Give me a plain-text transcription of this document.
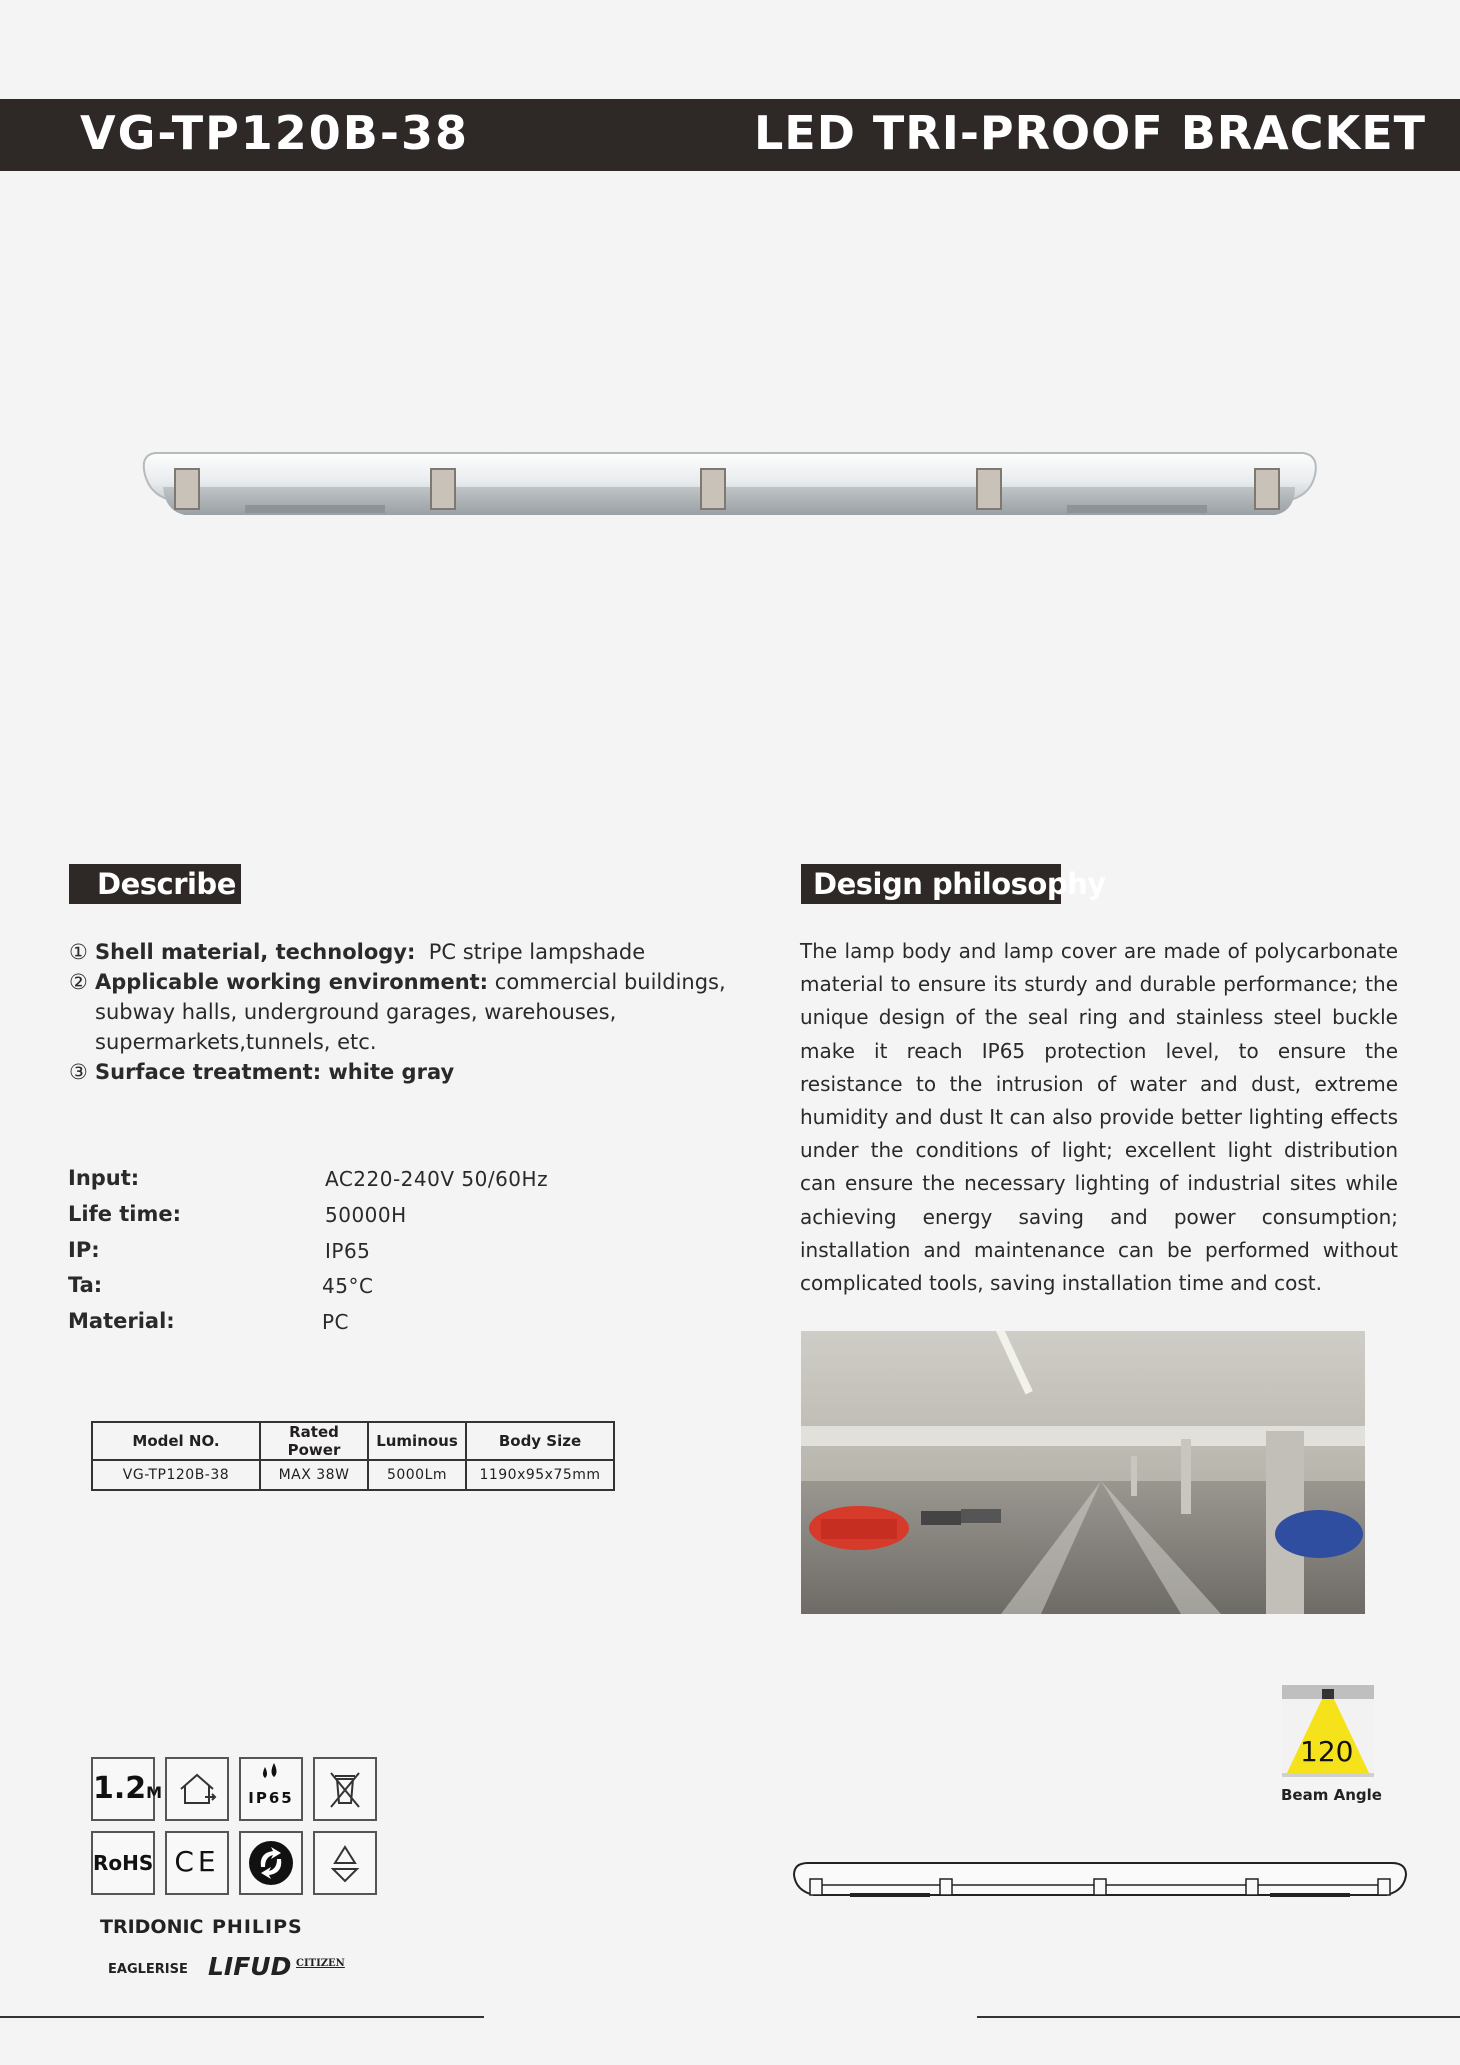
VG-TP120B-38	LED TRI-PROOF BRACKET
Describe
① Shell material, technology: PC stripe lampshade
② Applicable working environment: commercial buildings,
subway halls, underground garages, warehouses,
supermarkets,tunnels, etc.
③ Surface treatment: white gray
Input:	AC220-240V 50/60Hz
Life time:	50000H
IP:	IP65
Ta:	45°C
Material:	PC
Model NO.	Rated Power	Luminous	Body Size
VG-TP120B-38	MAX 38W	5000Lm	1190x95x75mm
Design philosophy
The lamp body and lamp cover are made of polycarbonate material to ensure its sturdy and durable performance; the unique design of the seal ring and stainless steel buckle make it reach IP65 protection level, to ensure the resistance to the intrusion of water and dust, extreme humidity and dust It can also provide better lighting effects under the conditions of light; excellent light distribution can ensure the necessary lighting of industrial sites while achieving energy saving and power consumption; installation and maintenance can be performed without complicated tools, saving installation time and cost.
120
Beam Angle
1.2M	IP65
RoHS CE
TRIDONIC PHILIPS
EAGLERISE LIFUD CITIZEN
